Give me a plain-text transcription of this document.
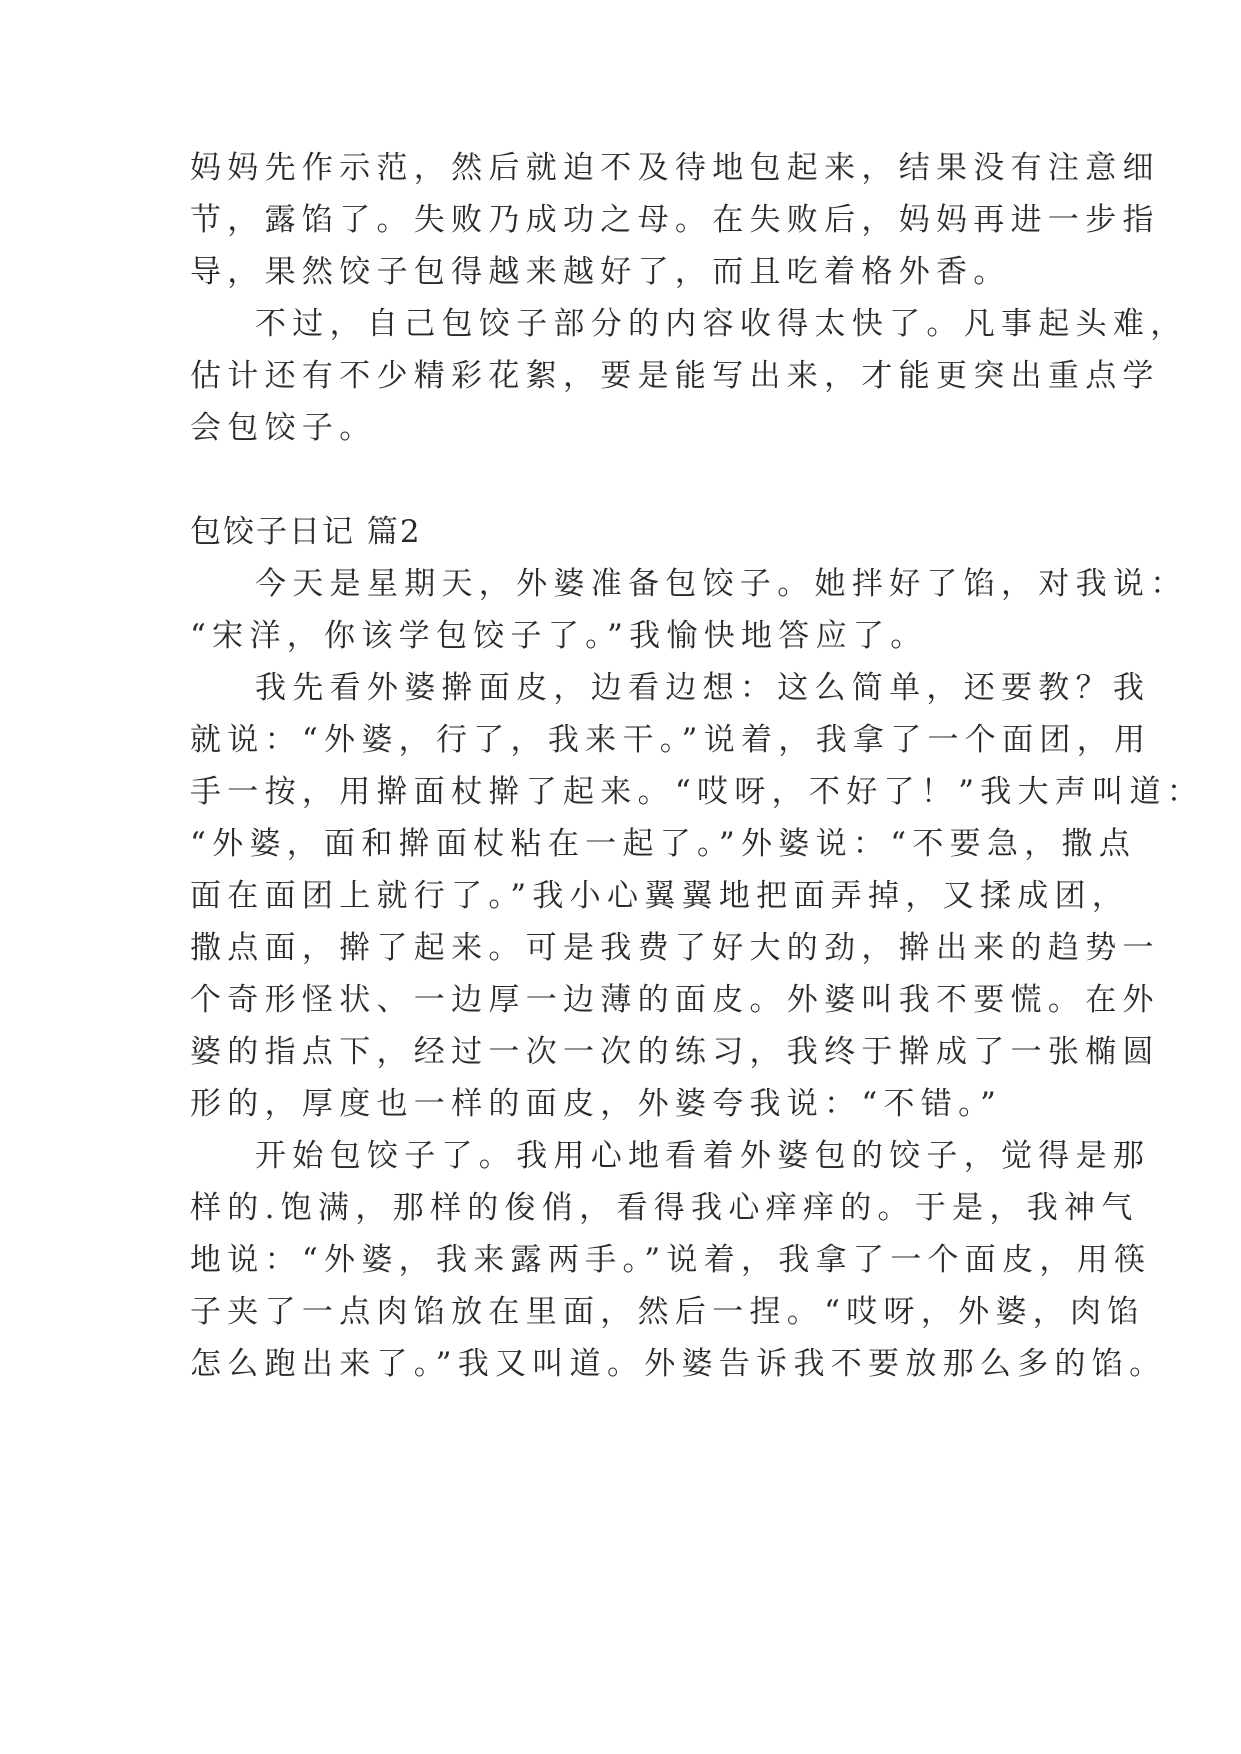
妈妈先作示范，然后就迫不及待地包起来，结果没有注意细
节，露馅了。失败乃成功之母。在失败后，妈妈再进一步指
导，果然饺子包得越来越好了，而且吃着格外香。
不过，自己包饺子部分的内容收得太快了。凡事起头难，
估计还有不少精彩花絮，要是能写出来，才能更突出重点学
会包饺子。
包饺子日记 篇2
今天是星期天，外婆准备包饺子。她拌好了馅，对我说：
“宋洋，你该学包饺子了。”我愉快地答应了。
我先看外婆擀面皮，边看边想：这么简单，还要教？我
就说：“外婆，行了，我来干。”说着，我拿了一个面团，用
手一按，用擀面杖擀了起来。“哎呀，不好了！”我大声叫道：
“外婆，面和擀面杖粘在一起了。”外婆说：“不要急，撒点
面在面团上就行了。”我小心翼翼地把面弄掉，又揉成团，
撒点面，擀了起来。可是我费了好大的劲，擀出来的趋势一
个奇形怪状、一边厚一边薄的面皮。外婆叫我不要慌。在外
婆的指点下，经过一次一次的练习，我终于擀成了一张椭圆
形的，厚度也一样的面皮，外婆夸我说：“不错。”
开始包饺子了。我用心地看着外婆包的饺子，觉得是那
样的.饱满，那样的俊俏，看得我心痒痒的。于是，我神气
地说：“外婆，我来露两手。”说着，我拿了一个面皮，用筷
子夹了一点肉馅放在里面，然后一捏。“哎呀，外婆，肉馅
怎么跑出来了。”我又叫道。外婆告诉我不要放那么多的馅。
